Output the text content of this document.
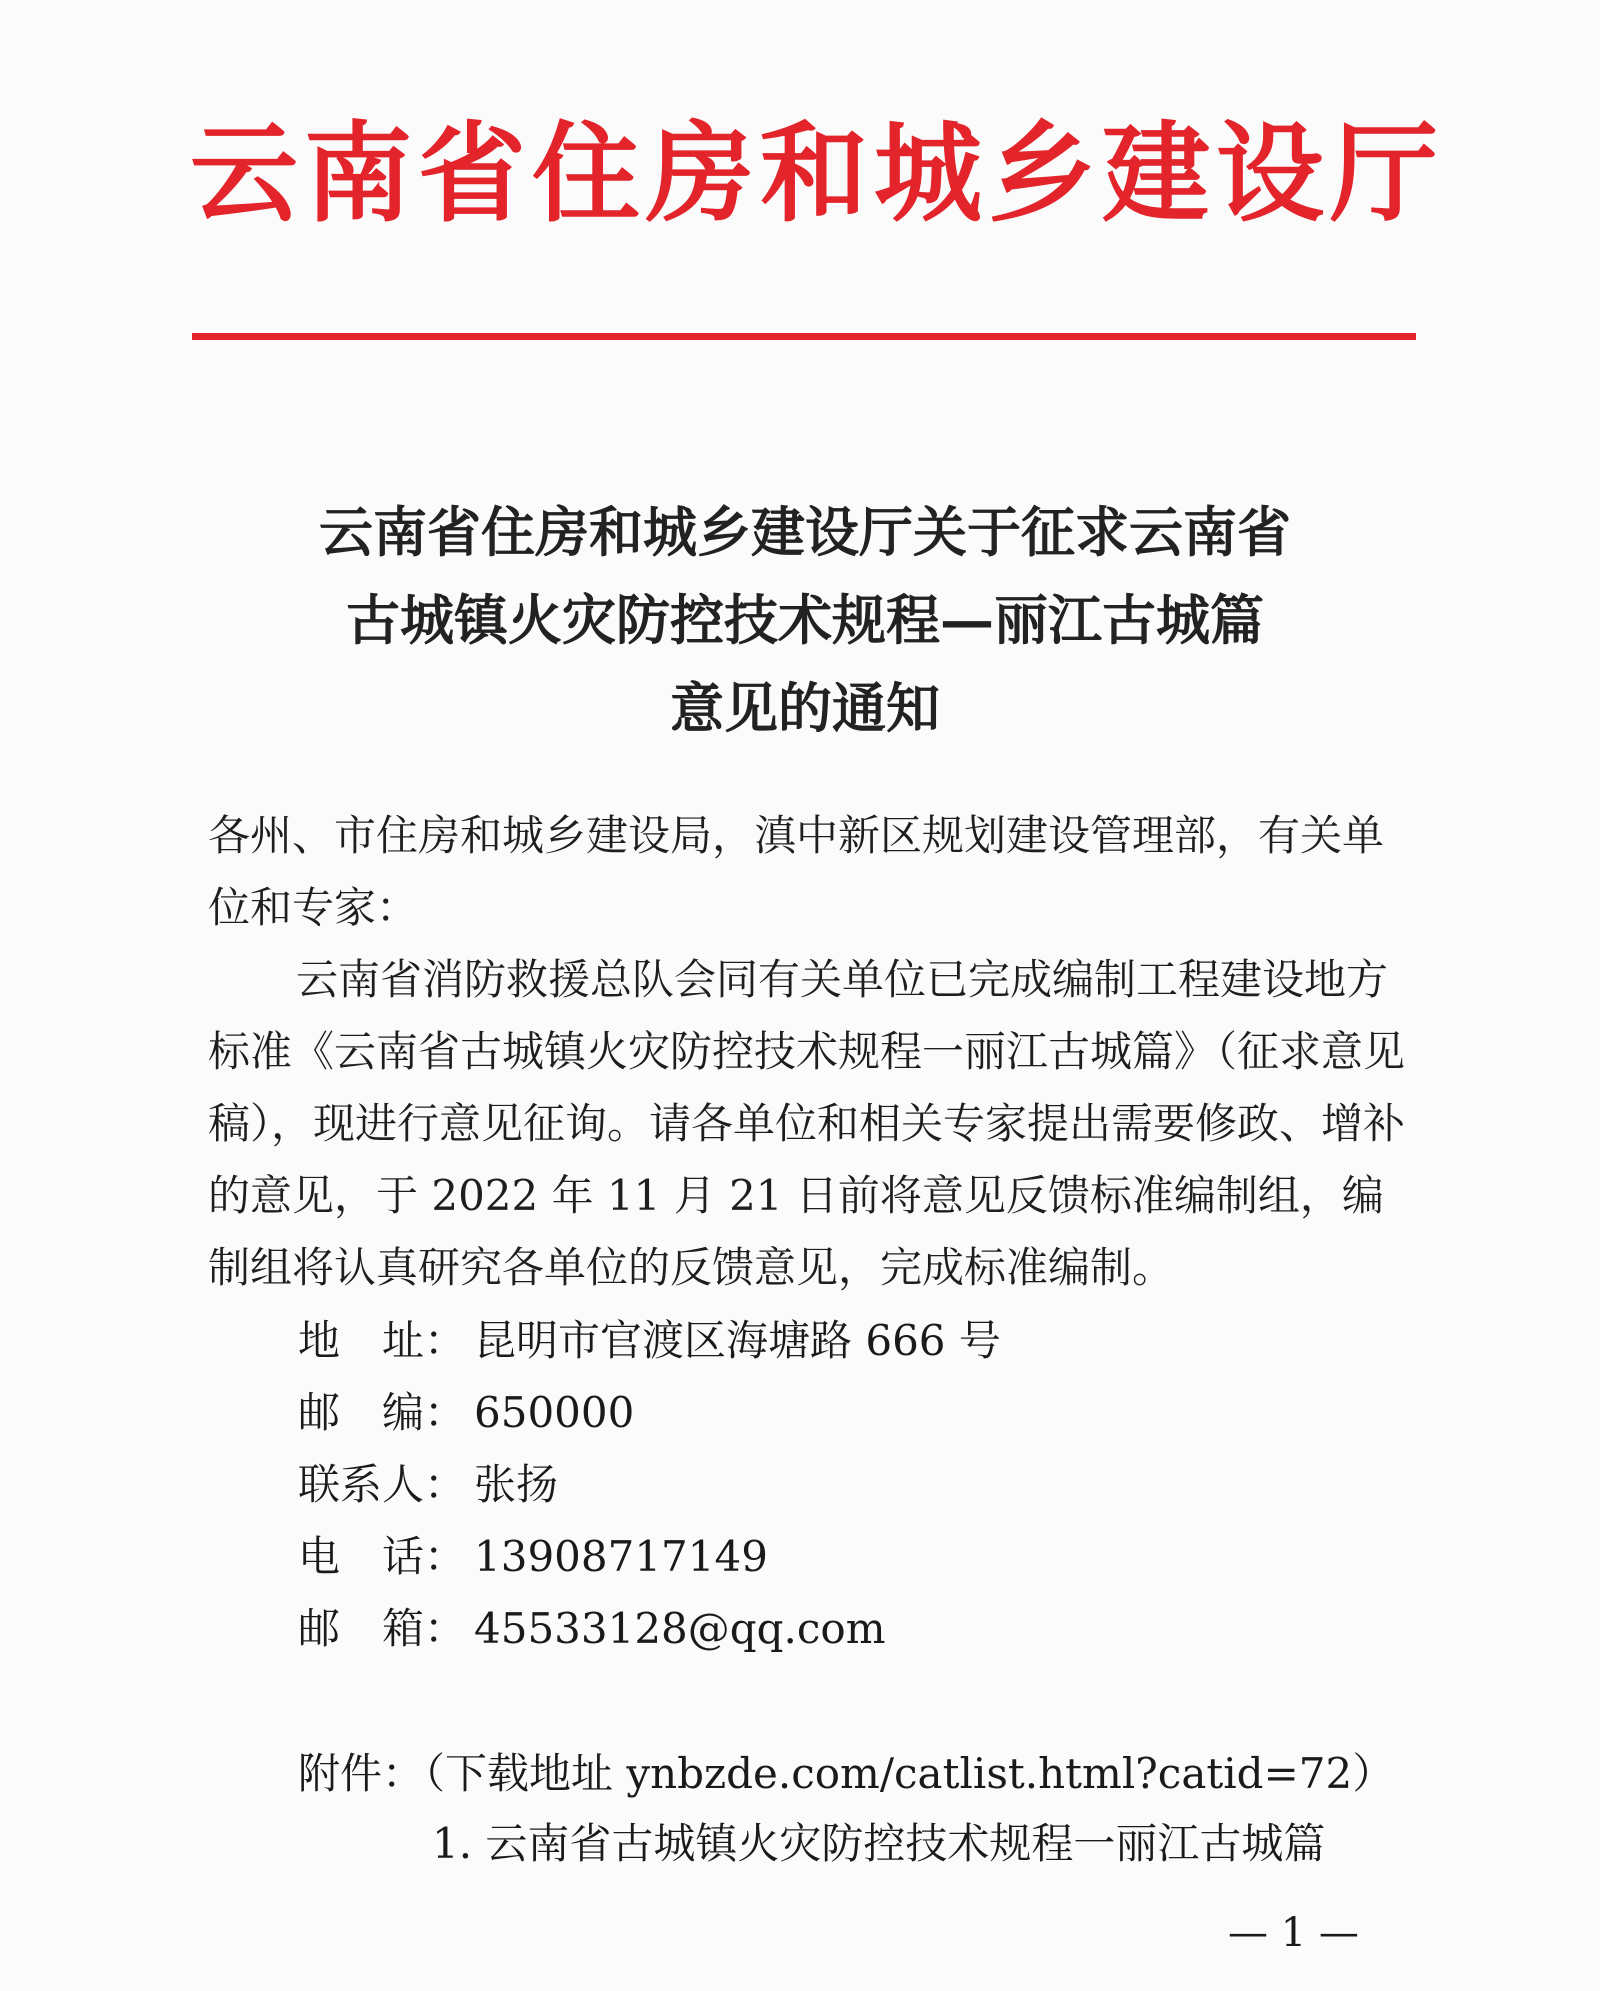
云南省住房和城乡建设厅
云南省住房和城乡建设厅关于征求云南省
古城镇火灾防控技术规程—丽江古城篇
意见的通知
各州、市住房和城乡建设局，滇中新区规划建设管理部，有关单位和专家：
云南省消防救援总队会同有关单位已完成编制工程建设地方标准《云南省古城镇火灾防控技术规程一丽江古城篇》（征求意见稿），现进行意见征询。请各单位和相关专家提出需要修政、增补的意见，于 2022 年 11 月 21 日前将意见反馈标准编制组，编制组将认真研究各单位的反馈意见，完成标准编制。
地　址： 昆明市官渡区海塘路 666 号
邮　编： 650000
联系人： 张扬
电　话： 13908717149
邮　箱： 45533128@qq.com
附件：（下载地址 ynbzde.com/catlist.html?catid=72）
1. 云南省古城镇火灾防控技术规程一丽江古城篇
— 1 —
